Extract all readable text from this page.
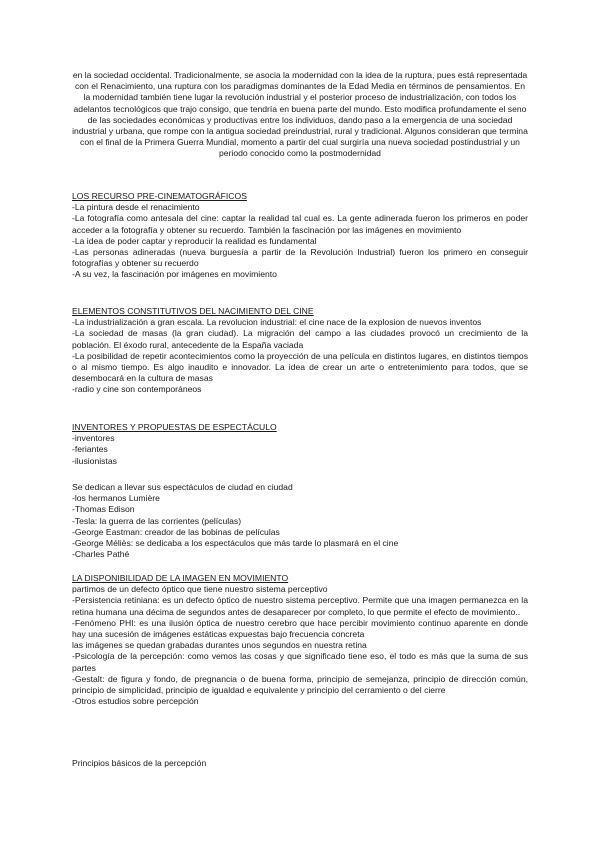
en la sociedad occidental. Tradicionalmente, se asocia la modernidad con la idea de la ruptura, pues está representada con el Renacimiento, una ruptura con los paradigmas dominantes de la Edad Media en términos de pensamientos. En la modernidad también tiene lugar la revolución industrial y el posterior proceso de industrialización, con todos los adelantos tecnológicos que trajo consigo, que tendría en buena parte del mundo. Esto modifica profundamente el seno de las sociedades económicas y productivas entre los individuos, dando paso a la emergencia de una sociedad industrial y urbana, que rompe con la antigua sociedad preindustrial, rural y tradicional. Algunos consideran que termina con el final de la Primera Guerra Mundial, momento a partir del cual surgiría una nueva sociedad postindustrial y un periodo conocido como la postmodernidad

LOS RECURSO PRE-CINEMATOGRÁFICOS
-La pintura desde el renacimiento
-La fotografía como antesala del cine: captar la realidad tal cual es. La gente adinerada fueron los primeros en poder acceder a la fotografía y obtener su recuerdo. También la fascinación por las imágenes en movimiento
-La idea de poder captar y reproducir la realidad es fundamental
-Las personas adineradas (nueva burguesía a partir de la Revolución Industrial) fueron los primero en conseguir fotografías y obtener su recuerdo
-A su vez, la fascinación por imágenes en movimiento
ELEMENTOS CONSTITUTIVOS DEL NACIMIENTO DEL CINE
-La industrialización a gran escala. La revolucion industrial: el cine nace de la explosion de nuevos inventos
-La sociedad de masas (la gran ciudad). La migración del campo a las ciudades provocó un crecimiento de la población. El éxodo rural, antecedente de la España vaciada
-La posibilidad de repetir acontecimientos como la proyección de una película en distintos lugares, en distintos tiempos o al mismo tiempo. Es algo inaudito e innovador. La idea de crear un arte o entretenimiento para todos, que se desembocará en la cultura de masas
-radio y cine son contemporáneos
INVENTORES Y PROPUESTAS DE ESPECTÁCULO
-inventores
-feriantes
-ilusionistas
Se dedican a llevar sus espectáculos de ciudad en ciudad
-los hermanos Lumière
-Thomas Edison
-Tesla: la guerra de las corrientes (películas)
-George Eastman: creador de las bobinas de películas
-George Méliès: se dedicaba a los espectáculos que más tarde lo plasmará en el cine
-Charles Pathé
LA DISPONIBILIDAD DE LA IMAGEN EN MOVIMIENTO
partimos de un defecto óptico que tiene nuestro sistema perceptivo
-Persistencia retiniana: es un defecto óptico de nuestro sistema perceptivo. Permite que una imagen permanezca en la retina humana una décima de segundos antes de desaparecer por completo, lo que permite el efecto de movimiento..
-Fenómeno PHI: es una ilusión óptica de nuestro cerebro que hace percibir movimiento continuo aparente en donde hay una sucesión de imágenes estáticas expuestas bajo frecuencia concreta
las imágenes se quedan grabadas durantes unos segundos en nuestra retina
-Psicología de la percepción: como vemos las cosas y que significado tiene eso, el todo es más que la suma de sus partes
-Gestalt: de figura y fondo, de pregnancia o de buena forma, principio de semejanza, principio de dirección común, principio de simplicidad, principio de igualdad e equivalente y principio del cerramiento o del cierre
-Otros estudios sobre percepción
Principios básicos de la percepción
